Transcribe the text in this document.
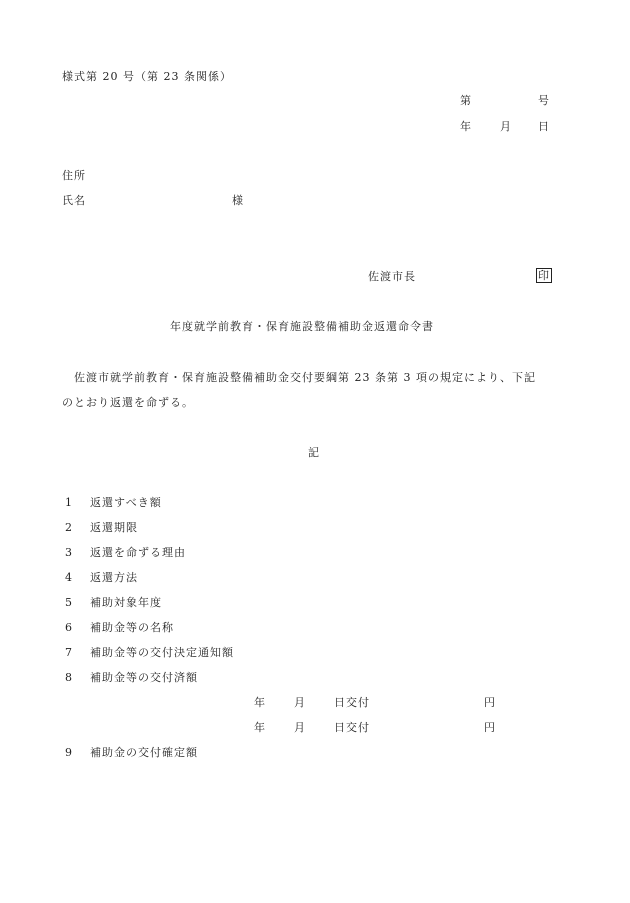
様式第 20 号（第 23 条関係）
第	号
年	月 日
住所
氏名	様
佐渡市長	印
年度就学前教育・保育施設整備補助金返還命令書
佐渡市就学前教育・保育施設整備補助金交付要綱第 23 条第 3 項の規定により、下記
のとおり返還を命ずる。
記
1 返還すべき額
2 返還期限
3 返還を命ずる理由
4 返還方法
5 補助対象年度
6 補助金等の名称
7 補助金等の交付決定通知額
8 補助金等の交付済額
年	月	日交付	円
年	月	日交付	円
9 補助金の交付確定額
